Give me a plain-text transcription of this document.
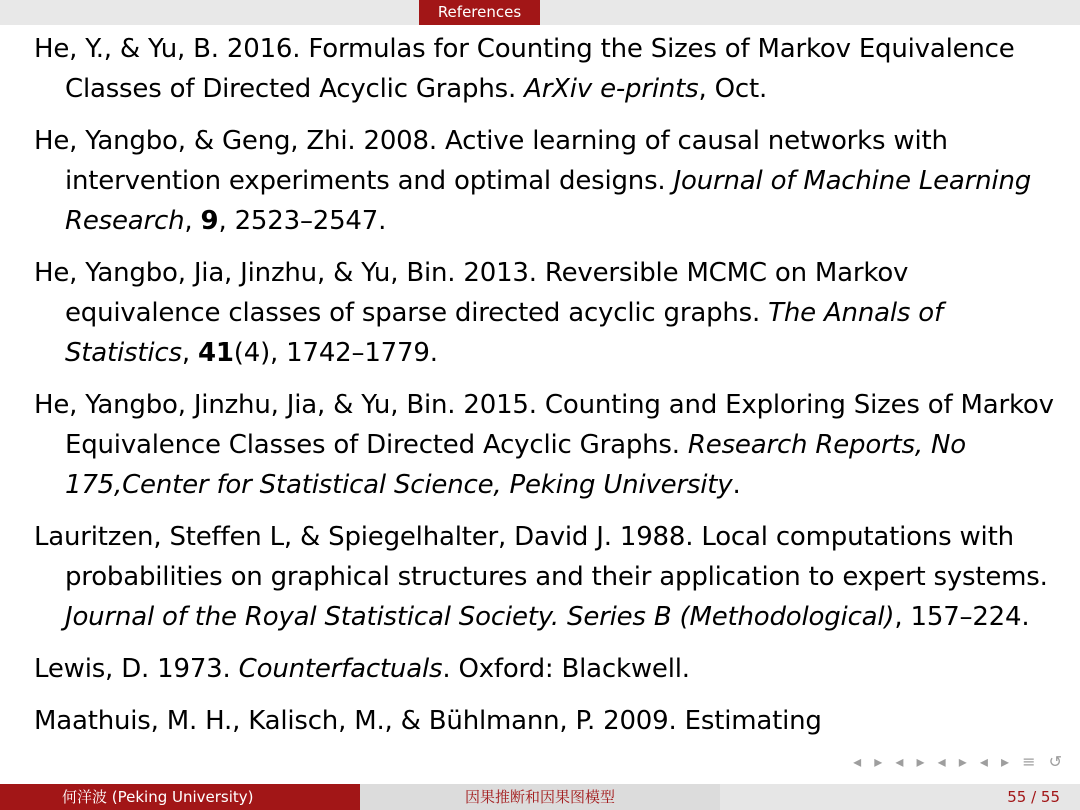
References
He, Y., & Yu, B. 2016. Formulas for Counting the Sizes of Markov Equivalence Classes of Directed Acyclic Graphs. ArXiv e-prints, Oct.
He, Yangbo, & Geng, Zhi. 2008. Active learning of causal networks with intervention experiments and optimal designs. Journal of Machine Learning Research, 9, 2523–2547.
He, Yangbo, Jia, Jinzhu, & Yu, Bin. 2013. Reversible MCMC on Markov equivalence classes of sparse directed acyclic graphs. The Annals of Statistics, 41(4), 1742–1779.
He, Yangbo, Jinzhu, Jia, & Yu, Bin. 2015. Counting and Exploring Sizes of Markov Equivalence Classes of Directed Acyclic Graphs. Research Reports, No 175,Center for Statistical Science, Peking University.
Lauritzen, Steffen L, & Spiegelhalter, David J. 1988. Local computations with probabilities on graphical structures and their application to expert systems. Journal of the Royal Statistical Society. Series B (Methodological), 157–224.
Lewis, D. 1973. Counterfactuals. Oxford: Blackwell.
Maathuis, M. H., Kalisch, M., & Bühlmann, P. 2009. Estimating
◂ ▸ ◂ ▸ ◂ ▸ ◂ ▸ ≡ ↺
何洋波 (Peking University)	因果推断和因果图模型	55 / 55
